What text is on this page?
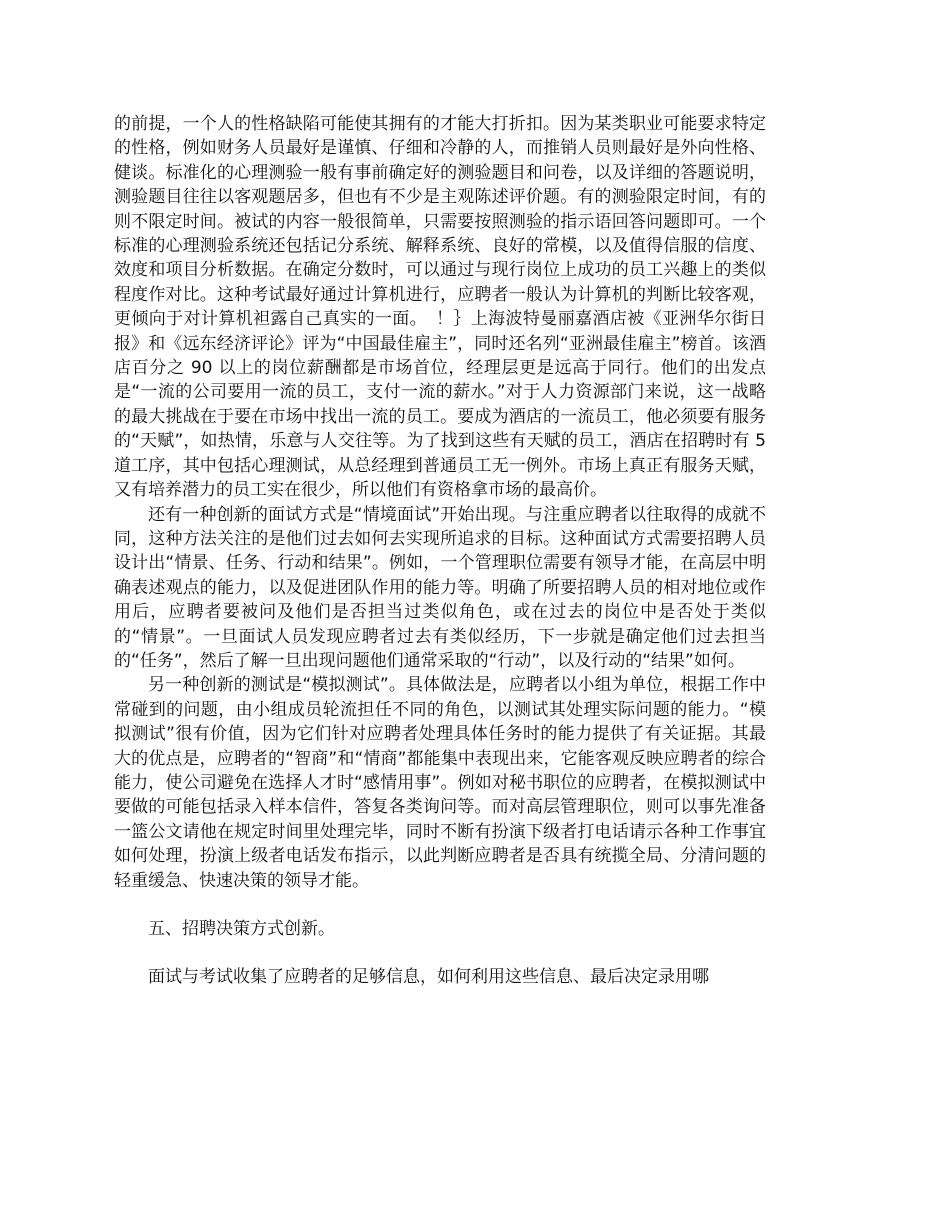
的前提，一个人的性格缺陷可能使其拥有的才能大打折扣。因为某类职业可能要求特定的性格，例如财务人员最好是谨慎、仔细和冷静的人，而推销人员则最好是外向性格、健谈。标准化的心理测验一般有事前确定好的测验题目和问卷，以及详细的答题说明，测验题目往往以客观题居多，但也有不少是主观陈述评价题。有的测验限定时间，有的则不限定时间。被试的内容一般很简单，只需要按照测验的指示语回答问题即可。一个标准的心理测验系统还包括记分系统、解释系统、良好的常模，以及值得信服的信度、效度和项目分析数据。在确定分数时，可以通过与现行岗位上成功的员工兴趣上的类似程度作对比。这种考试最好通过计算机进行，应聘者一般认为计算机的判断比较客观，更倾向于对计算机袒露自己真实的一面。　！｝上海波特曼丽嘉酒店被《亚洲华尔街日报》和《远东经济评论》评为“中国最佳雇主”，同时还名列“亚洲最佳雇主”榜首。该酒店百分之 90 以上的岗位薪酬都是市场首位，经理层更是远高于同行。他们的出发点是“一流的公司要用一流的员工，支付一流的薪水。”对于人力资源部门来说，这一战略的最大挑战在于要在市场中找出一流的员工。要成为酒店的一流员工，他必须要有服务的“天赋”，如热情，乐意与人交往等。为了找到这些有天赋的员工，酒店在招聘时有 5 道工序，其中包括心理测试，从总经理到普通员工无一例外。市场上真正有服务天赋，又有培养潜力的员工实在很少，所以他们有资格拿市场的最高价。

还有一种创新的面试方式是“情境面试”开始出现。与注重应聘者以往取得的成就不同，这种方法关注的是他们过去如何去实现所追求的目标。这种面试方式需要招聘人员设计出“情景、任务、行动和结果”。例如，一个管理职位需要有领导才能，在高层中明确表述观点的能力，以及促进团队作用的能力等。明确了所要招聘人员的相对地位或作用后，应聘者要被问及他们是否担当过类似角色，或在过去的岗位中是否处于类似的“情景”。一旦面试人员发现应聘者过去有类似经历，下一步就是确定他们过去担当的“任务”，然后了解一旦出现问题他们通常采取的“行动”，以及行动的“结果”如何。

另一种创新的测试是“模拟测试”。具体做法是，应聘者以小组为单位，根据工作中常碰到的问题，由小组成员轮流担任不同的角色，以测试其处理实际问题的能力。“模拟测试”很有价值，因为它们针对应聘者处理具体任务时的能力提供了有关证据。其最大的优点是，应聘者的“智商”和“情商”都能集中表现出来，它能客观反映应聘者的综合能力，使公司避免在选择人才时“感情用事”。例如对秘书职位的应聘者，在模拟测试中要做的可能包括录入样本信件，答复各类询问等。而对高层管理职位，则可以事先准备一篮公文请他在规定时间里处理完毕，同时不断有扮演下级者打电话请示各种工作事宜如何处理，扮演上级者电话发布指示，以此判断应聘者是否具有统揽全局、分清问题的轻重缓急、快速决策的领导才能。

五、招聘决策方式创新。

面试与考试收集了应聘者的足够信息，如何利用这些信息、最后决定录用哪
